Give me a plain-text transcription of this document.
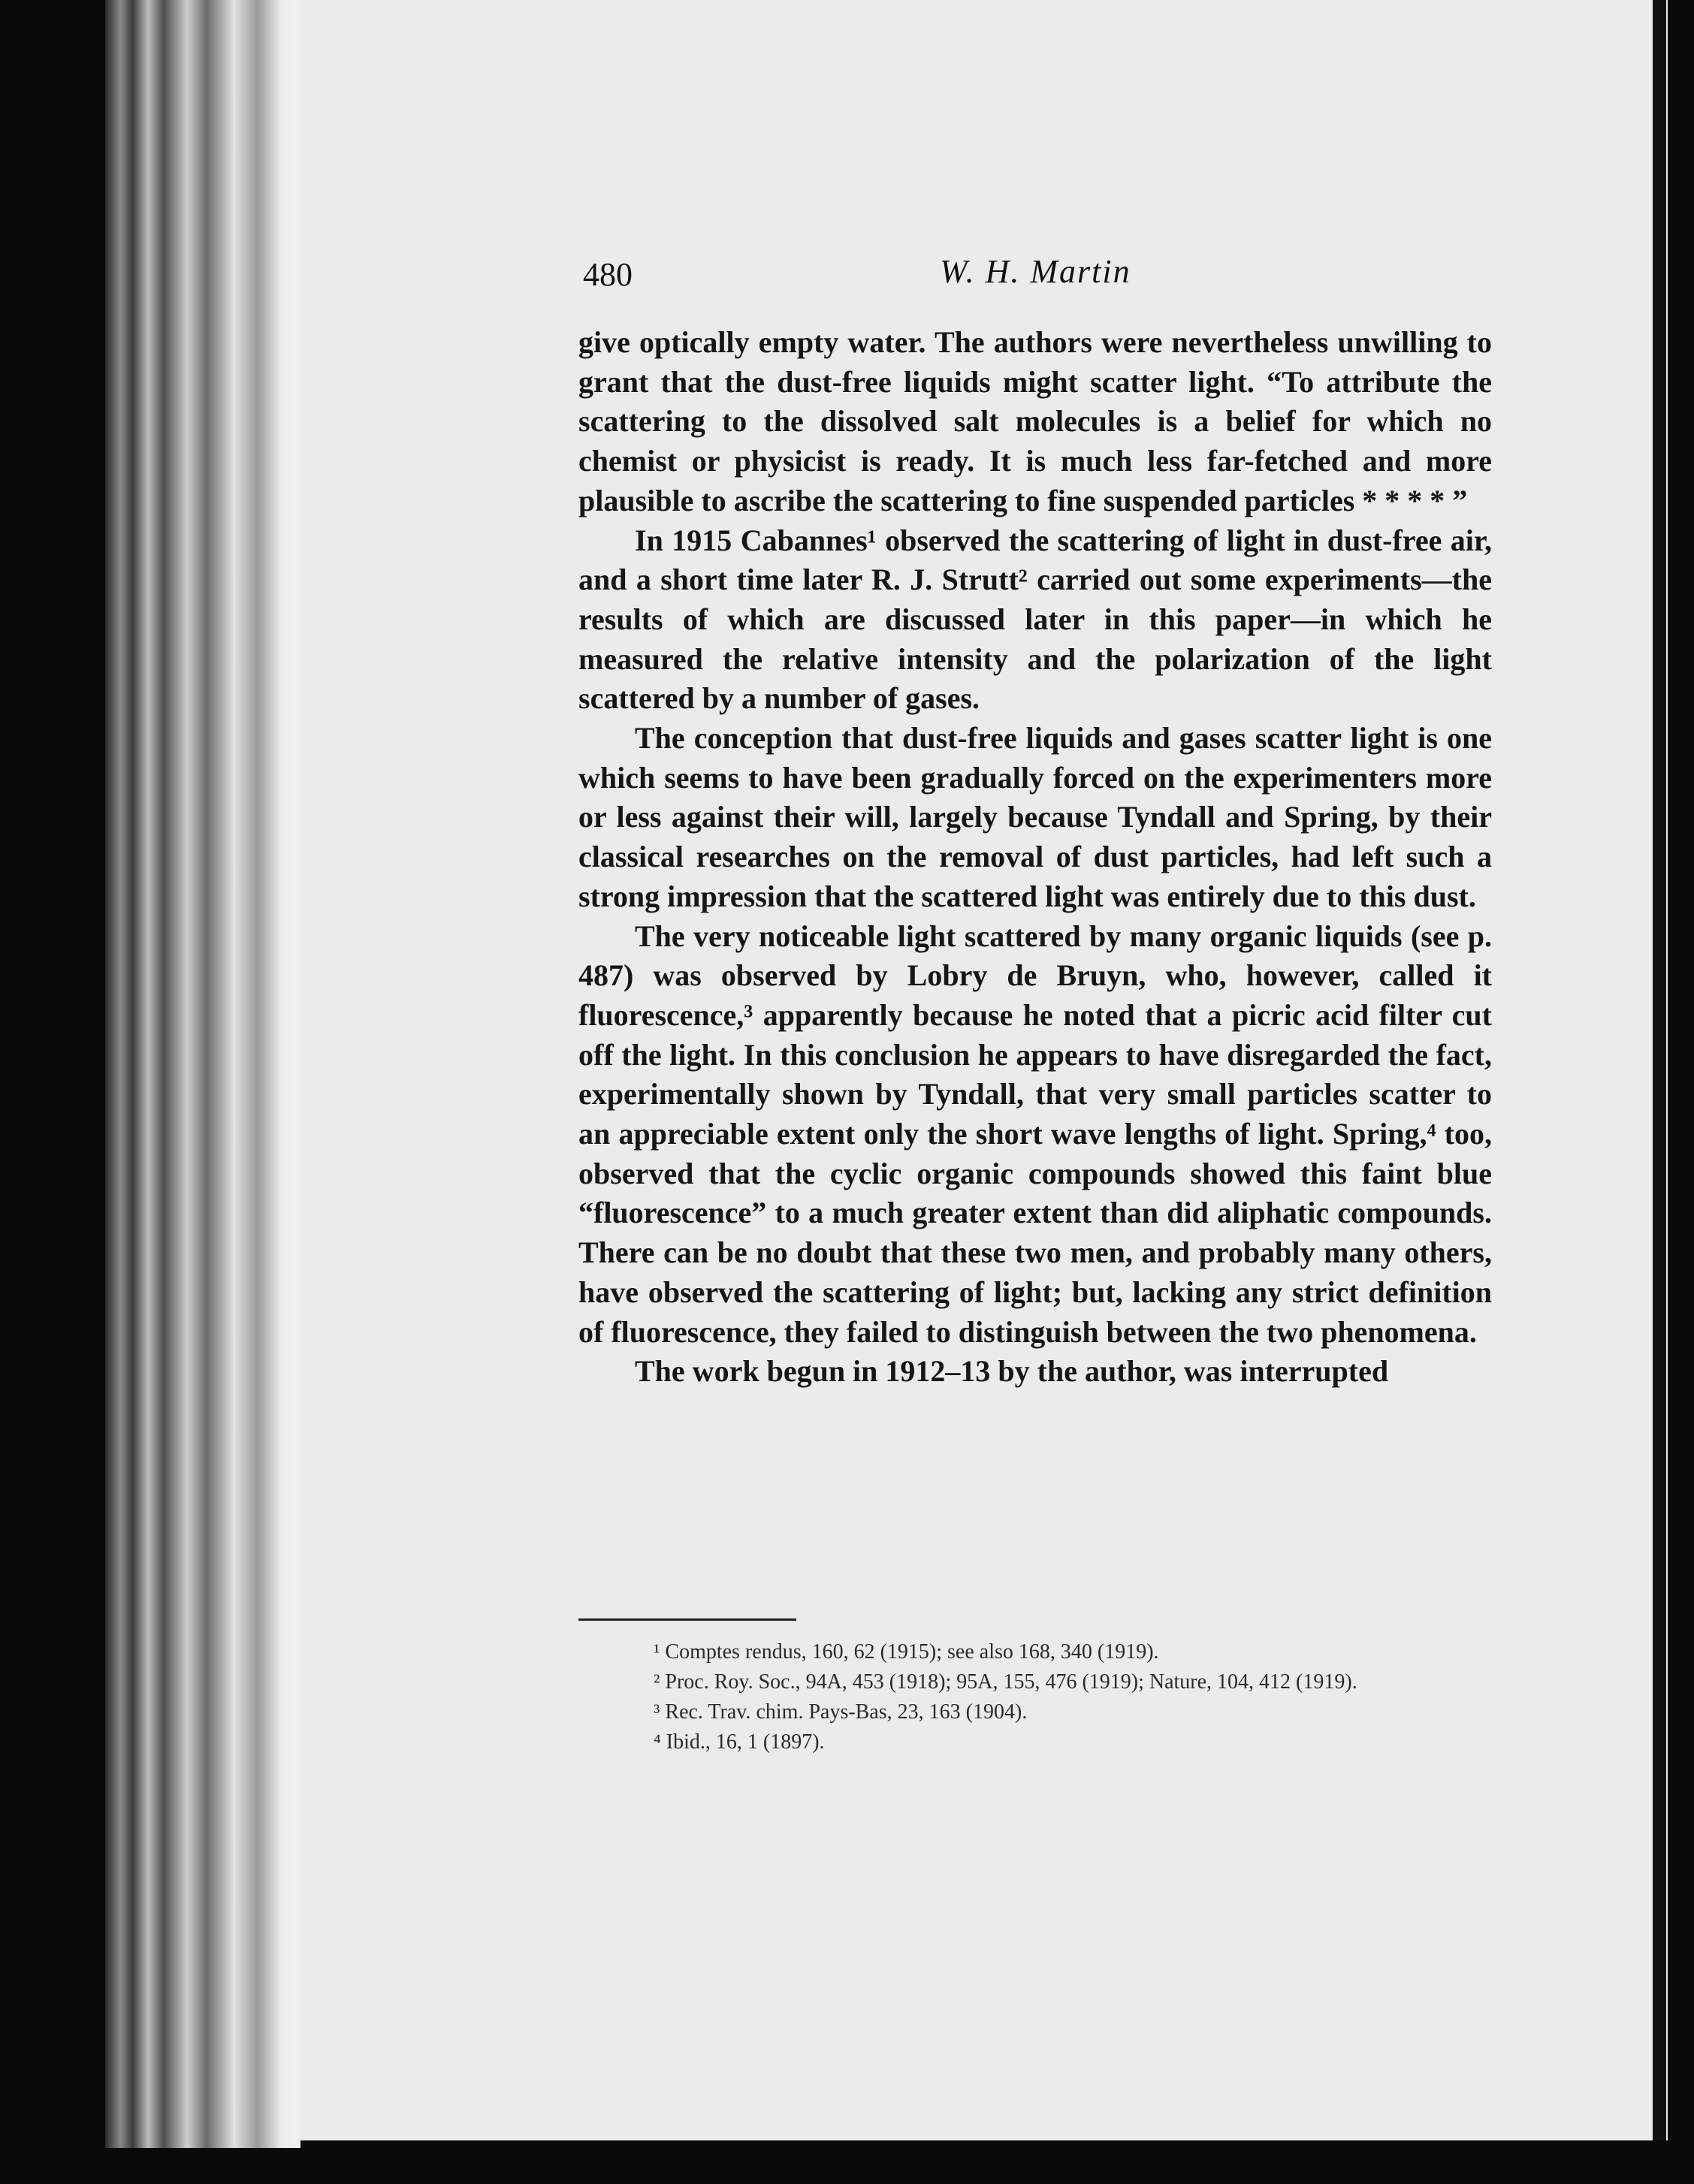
480	W. H. Martin

give optically empty water. The authors were nevertheless unwilling to grant that the dust-free liquids might scatter light. “To attribute the scattering to the dissolved salt molecules is a belief for which no chemist or physicist is ready. It is much less far-fetched and more plausible to ascribe the scattering to fine suspended particles * * * * ”

In 1915 Cabannes¹ observed the scattering of light in dust-free air, and a short time later R. J. Strutt² carried out some experiments—the results of which are discussed later in this paper—in which he measured the relative intensity and the polarization of the light scattered by a number of gases.

The conception that dust-free liquids and gases scatter light is one which seems to have been gradually forced on the experimenters more or less against their will, largely because Tyndall and Spring, by their classical researches on the removal of dust particles, had left such a strong impression that the scattered light was entirely due to this dust.

The very noticeable light scattered by many organic liquids (see p. 487) was observed by Lobry de Bruyn, who, however, called it fluorescence,³ apparently because he noted that a picric acid filter cut off the light. In this conclusion he appears to have disregarded the fact, experimentally shown by Tyndall, that very small particles scatter to an appreciable extent only the short wave lengths of light. Spring,⁴ too, observed that the cyclic organic compounds showed this faint blue “fluorescence” to a much greater extent than did aliphatic compounds. There can be no doubt that these two men, and probably many others, have observed the scattering of light; but, lacking any strict definition of fluorescence, they failed to distinguish between the two phenomena.

The work begun in 1912–13 by the author, was interrupted

¹ Comptes rendus, 160, 62 (1915); see also 168, 340 (1919).

² Proc. Roy. Soc., 94A, 453 (1918); 95A, 155, 476 (1919); Nature, 104, 412 (1919).

³ Rec. Trav. chim. Pays-Bas, 23, 163 (1904).

⁴ Ibid., 16, 1 (1897).
